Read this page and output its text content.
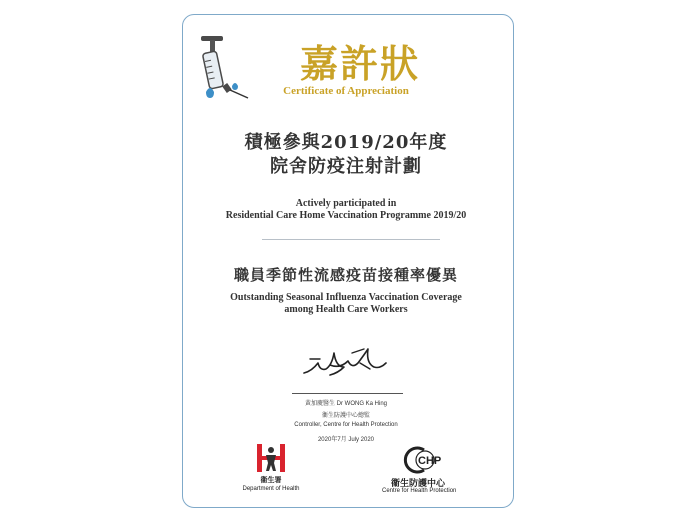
嘉許狀
Certificate of Appreciation
積極參與2019/20年度
院舍防疫注射計劃
Actively participated in
Residential Care Home Vaccination Programme 2019/20
職員季節性流感疫苗接種率優異
Outstanding Seasonal Influenza Vaccination Coverage
among Health Care Workers
黃加慶醫生 Dr WONG Ka Hing
衞生防護中心總監
Controller, Centre for Health Protection
2020年7月 July 2020
衞生署
Department of Health
CHP
衞生防護中心
Centre for Health Protection
